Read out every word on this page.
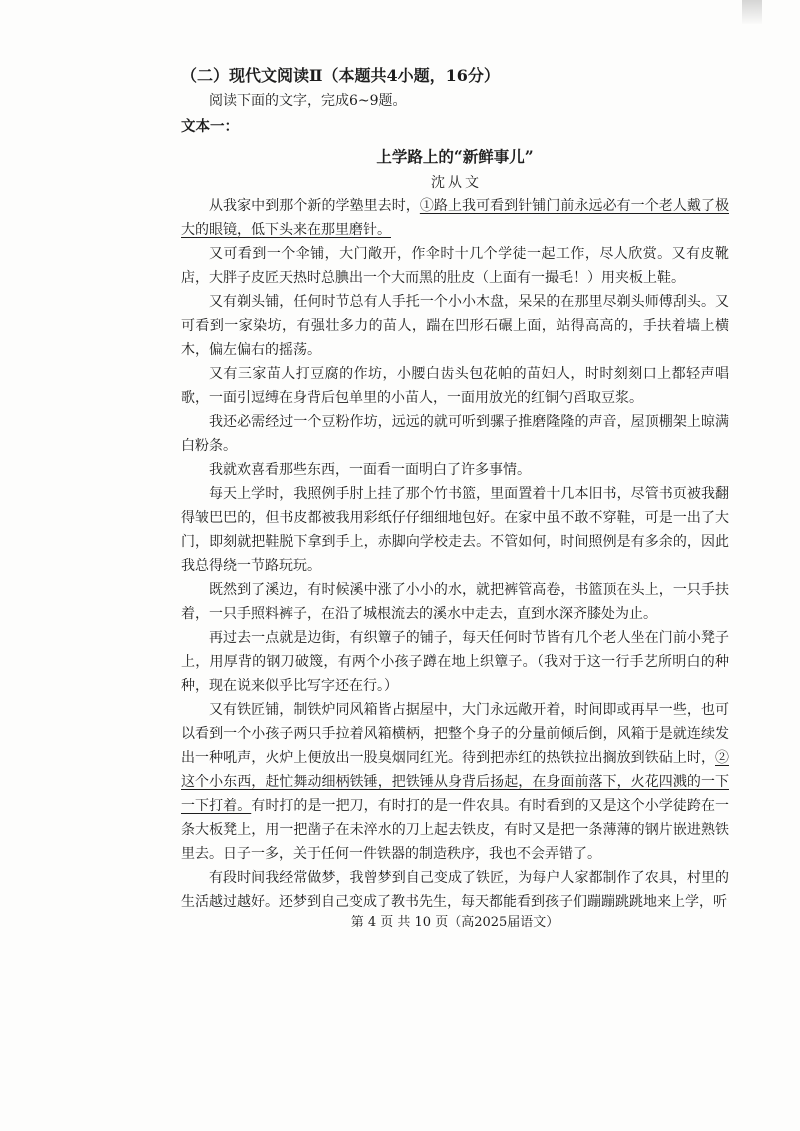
（二）现代文阅读Ⅱ（本题共4小题，16分）
阅读下面的文字，完成6~9题。
文本一：
上学路上的“新鲜事儿”
沈从文

从我家中到那个新的学塾里去时，①路上我可看到针铺门前永远必有一个老人戴了极大的眼镜，低下头来在那里磨针。

又可看到一个伞铺，大门敞开，作伞时十几个学徒一起工作，尽人欣赏。又有皮靴店，大胖子皮匠天热时总腆出一个大而黑的肚皮（上面有一撮毛！）用夹板上鞋。

又有剃头铺，任何时节总有人手托一个小小木盘，呆呆的在那里尽剃头师傅刮头。又可看到一家染坊，有强壮多力的苗人，踹在凹形石碾上面，站得高高的，手扶着墙上横木，偏左偏右的摇荡。

又有三家苗人打豆腐的作坊，小腰白齿头包花帕的苗妇人，时时刻刻口上都轻声唱歌，一面引逗缚在身背后包单里的小苗人，一面用放光的红铜勺舀取豆浆。

我还必需经过一个豆粉作坊，远远的就可听到骡子推磨隆隆的声音，屋顶棚架上晾满白粉条。

我就欢喜看那些东西，一面看一面明白了许多事情。

每天上学时，我照例手肘上挂了那个竹书篮，里面置着十几本旧书，尽管书页被我翻得皱巴巴的，但书皮都被我用彩纸仔仔细细地包好。在家中虽不敢不穿鞋，可是一出了大门，即刻就把鞋脱下拿到手上，赤脚向学校走去。不管如何，时间照例是有多余的，因此我总得绕一节路玩玩。

既然到了溪边，有时候溪中涨了小小的水，就把裤管高卷，书篮顶在头上，一只手扶着，一只手照料裤子，在沿了城根流去的溪水中走去，直到水深齐膝处为止。

再过去一点就是边街，有织簟子的铺子，每天任何时节皆有几个老人坐在门前小凳子上，用厚背的钢刀破篾，有两个小孩子蹲在地上织簟子。（我对于这一行手艺所明白的种种，现在说来似乎比写字还在行。）

又有铁匠铺，制铁炉同风箱皆占据屋中，大门永远敞开着，时间即或再早一些，也可以看到一个小孩子两只手拉着风箱横柄，把整个身子的分量前倾后倒，风箱于是就连续发出一种吼声，火炉上便放出一股臭烟同红光。待到把赤红的热铁拉出搁放到铁砧上时，②这个小东西，赶忙舞动细柄铁锤，把铁锤从身背后扬起，在身面前落下，火花四溅的一下一下打着。有时打的是一把刀，有时打的是一件农具。有时看到的又是这个小学徒跨在一条大板凳上，用一把凿子在未淬水的刀上起去铁皮，有时又是把一条薄薄的钢片嵌进熟铁里去。日子一多，关于任何一件铁器的制造秩序，我也不会弄错了。

有段时间我经常做梦，我曾梦到自己变成了铁匠，为每户人家都制作了农具，村里的生活越过越好。还梦到自己变成了教书先生，每天都能看到孩子们蹦蹦跳跳地来上学，听

第 4 页 共 10 页（高2025届语文）
